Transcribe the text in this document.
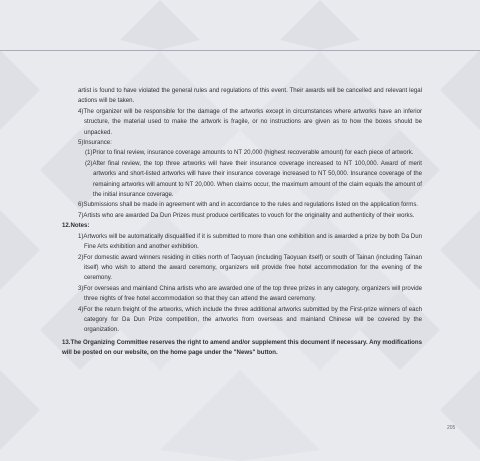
artist is found to have violated the general rules and regulations of this event. Their awards will be cancelled and relevant legal actions will be taken.

4)The organizer will be responsible for the damage of the artworks except in circumstances where artworks have an inferior structure, the material used to make the artwork is fragile, or no instructions are given as to how the boxes should be unpacked.

5)Insurance:

(1)Prior to final review, insurance coverage amounts to NT 20,000 (highest recoverable amount) for each piece of artwork.

(2)After final review, the top three artworks will have their insurance coverage increased to NT 100,000. Award of merit artworks and short-listed artworks will have their insurance coverage increased to NT 50,000. Insurance coverage of the remaining artworks will amount to NT 20,000. When claims occur, the maximum amount of the claim equals the amount of the initial insurance coverage.

6)Submissions shall be made in agreement with and in accordance to the rules and regulations listed on the application forms.

7)Artists who are awarded Da Dun Prizes must produce certificates to vouch for the originality and authenticity of their works.

12.Notes:

1)Artworks will be automatically disqualified if it is submitted to more than one exhibition and is awarded a prize by both Da Dun Fine Arts exhibition and another exhibition.

2)For domestic award winners residing in cities north of Taoyuan (including Taoyuan itself) or south of Tainan (including Tainan itself) who wish to attend the award ceremony, organizers will provide free hotel accommodation for the evening of the ceremony.

3)For overseas and mainland China artists who are awarded one of the top three prizes in any category, organizers will provide three nights of free hotel accommodation so that they can attend the award ceremony.

4)For the return freight of the artworks, which include the three additional artworks submitted by the First-prize winners of each category for Da Dun Prize competition, the artworks from overseas and mainland Chinese will be covered by the organization.

13.The Organizing Committee reserves the right to amend and/or supplement this document if necessary. Any modifications will be posted on our website, on the home page under the "News" button.

205
